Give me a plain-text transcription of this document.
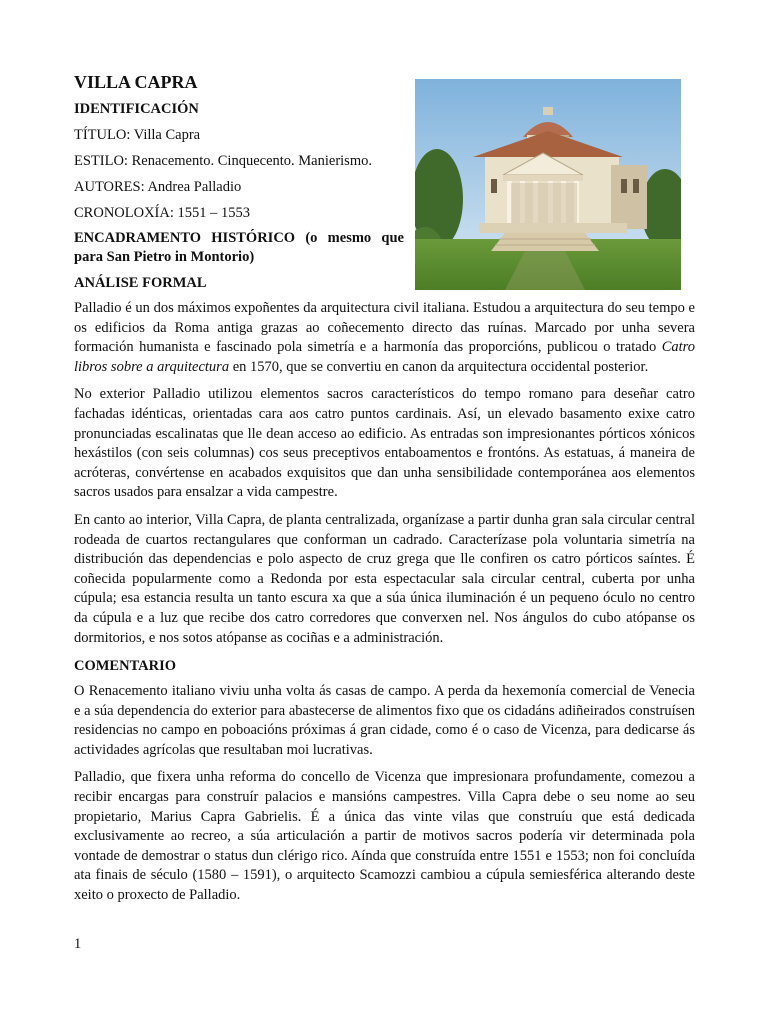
VILLA CAPRA
IDENTIFICACIÓN
TÍTULO: Villa Capra
ESTILO: Renacemento. Cinquecento. Manierismo.
AUTORES: Andrea Palladio
CRONOLOXÍA: 1551 – 1553
ENCADRAMENTO HISTÓRICO (o mesmo que para San Pietro in Montorio)
ANÁLISE FORMAL

Palladio é un dos máximos expoñentes da arquitectura civil italiana. Estudou a arquitectura do seu tempo e os edificios da Roma antiga grazas ao coñecemento directo das ruínas. Marcado por unha severa formación humanista e fascinado pola simetría e a harmonía das proporcións, publicou o tratado Catro libros sobre a arquitectura en 1570, que se convertiu en canon da arquitectura occidental posterior.

No exterior Palladio utilizou elementos sacros característicos do tempo romano para deseñar catro fachadas idénticas, orientadas cara aos catro puntos cardinais. Así, un elevado basamento exixe catro pronunciadas escalinatas que lle dean acceso ao edificio. As entradas son impresionantes pórticos xónicos hexástilos (con seis columnas) cos seus preceptivos entaboamentos e frontóns. As estatuas, á maneira de acróteras, convértense en acabados exquisitos que dan unha sensibilidade contemporánea aos elementos sacros usados para ensalzar a vida campestre.

En canto ao interior, Villa Capra, de planta centralizada, organízase a partir dunha gran sala circular central rodeada de cuartos rectangulares que conforman un cadrado. Caracterízase pola voluntaria simetría na distribución das dependencias e polo aspecto de cruz grega que lle confiren os catro pórticos saíntes. É coñecida popularmente como a Redonda por esta espectacular sala circular central, cuberta por unha cúpula; esa estancia resulta un tanto escura xa que a súa única iluminación é un pequeno óculo no centro da cúpula e a luz que recibe dos catro corredores que converxen nel. Nos ángulos do cubo atópanse os dormitorios, e nos sotos atópanse as cociñas e a administración.

COMENTARIO

O Renacemento italiano viviu unha volta ás casas de campo. A perda da hexemonía comercial de Venecia e a súa dependencia do exterior para abastecerse de alimentos fixo que os cidadáns adiñeirados construísen residencias no campo en poboacións próximas á gran cidade, como é o caso de Vicenza, para dedicarse ás actividades agrícolas que resultaban moi lucrativas.

Palladio, que fixera unha reforma do concello de Vicenza que impresionara profundamente, comezou a recibir encargas para construír palacios e mansións campestres. Villa Capra debe o seu nome ao seu propietario, Marius Capra Gabrielis. É a única das vinte vilas que construíu que está dedicada exclusivamente ao recreo, a súa articulación a partir de motivos sacros podería vir determinada pola vontade de demostrar o status dun clérigo rico. Aínda que construída entre 1551 e 1553; non foi concluída ata finais de século (1580 – 1591), o arquitecto Scamozzi cambiou a cúpula semiesférica alterando deste xeito o proxecto de Palladio.

1
